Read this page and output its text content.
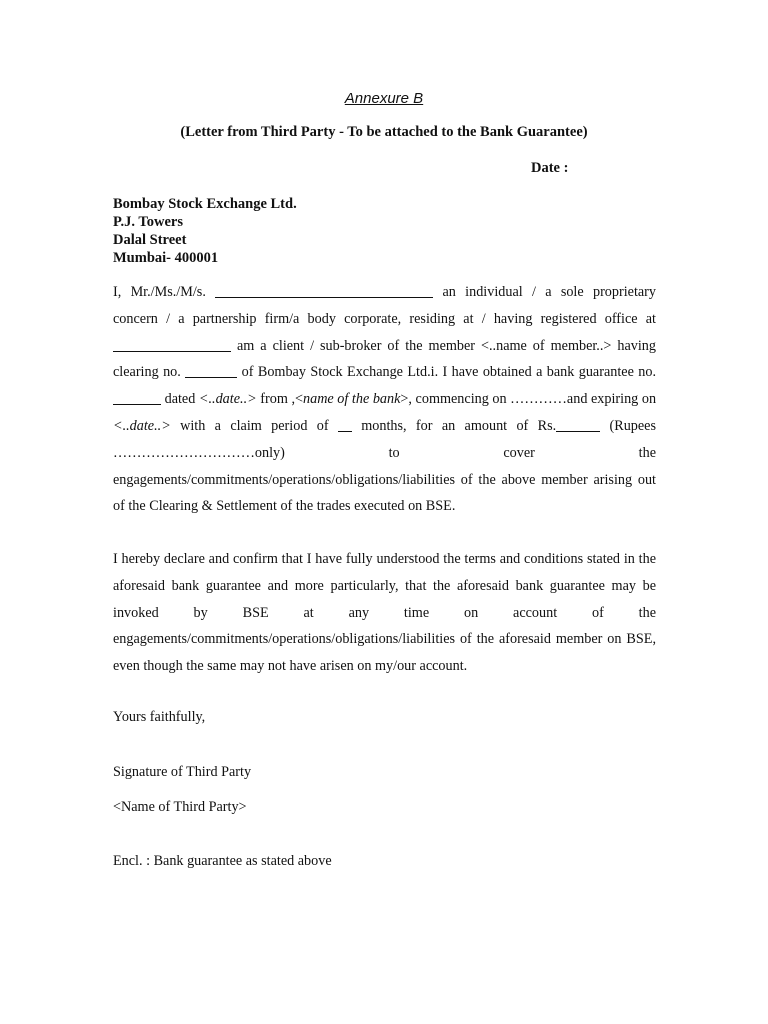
Annexure B
(Letter from Third Party - To be attached to the Bank Guarantee)
Date :
Bombay Stock Exchange Ltd.
P.J. Towers
Dalal Street
Mumbai- 400001
I, Mr./Ms./M/s.	an individual / a sole proprietary concern / a partnership firm/a body corporate, residing at / having registered office at  am a client / sub-broker of the member <..name of member..> having clearing no.	of Bombay Stock Exchange Ltd.i. I have obtained a bank guarantee no. dated <..date..> from ,<name of the bank>, commencing on …………and expiring on <..date..> with a claim period of months, for an amount of Rs.	(Rupees …………………………only) to cover the engagements/commitments/operations/obligations/liabilities of the above member arising out of the Clearing & Settlement of the trades executed on BSE.
I hereby declare and confirm that I have fully understood the terms and conditions stated in the aforesaid bank guarantee and more particularly, that the aforesaid bank guarantee may be invoked by BSE at any time on account of the engagements/commitments/operations/obligations/liabilities of the aforesaid member on BSE, even though the same may not have arisen on my/our account.
Yours faithfully,
Signature of Third Party
<Name of Third Party>
Encl. : Bank guarantee as stated above
